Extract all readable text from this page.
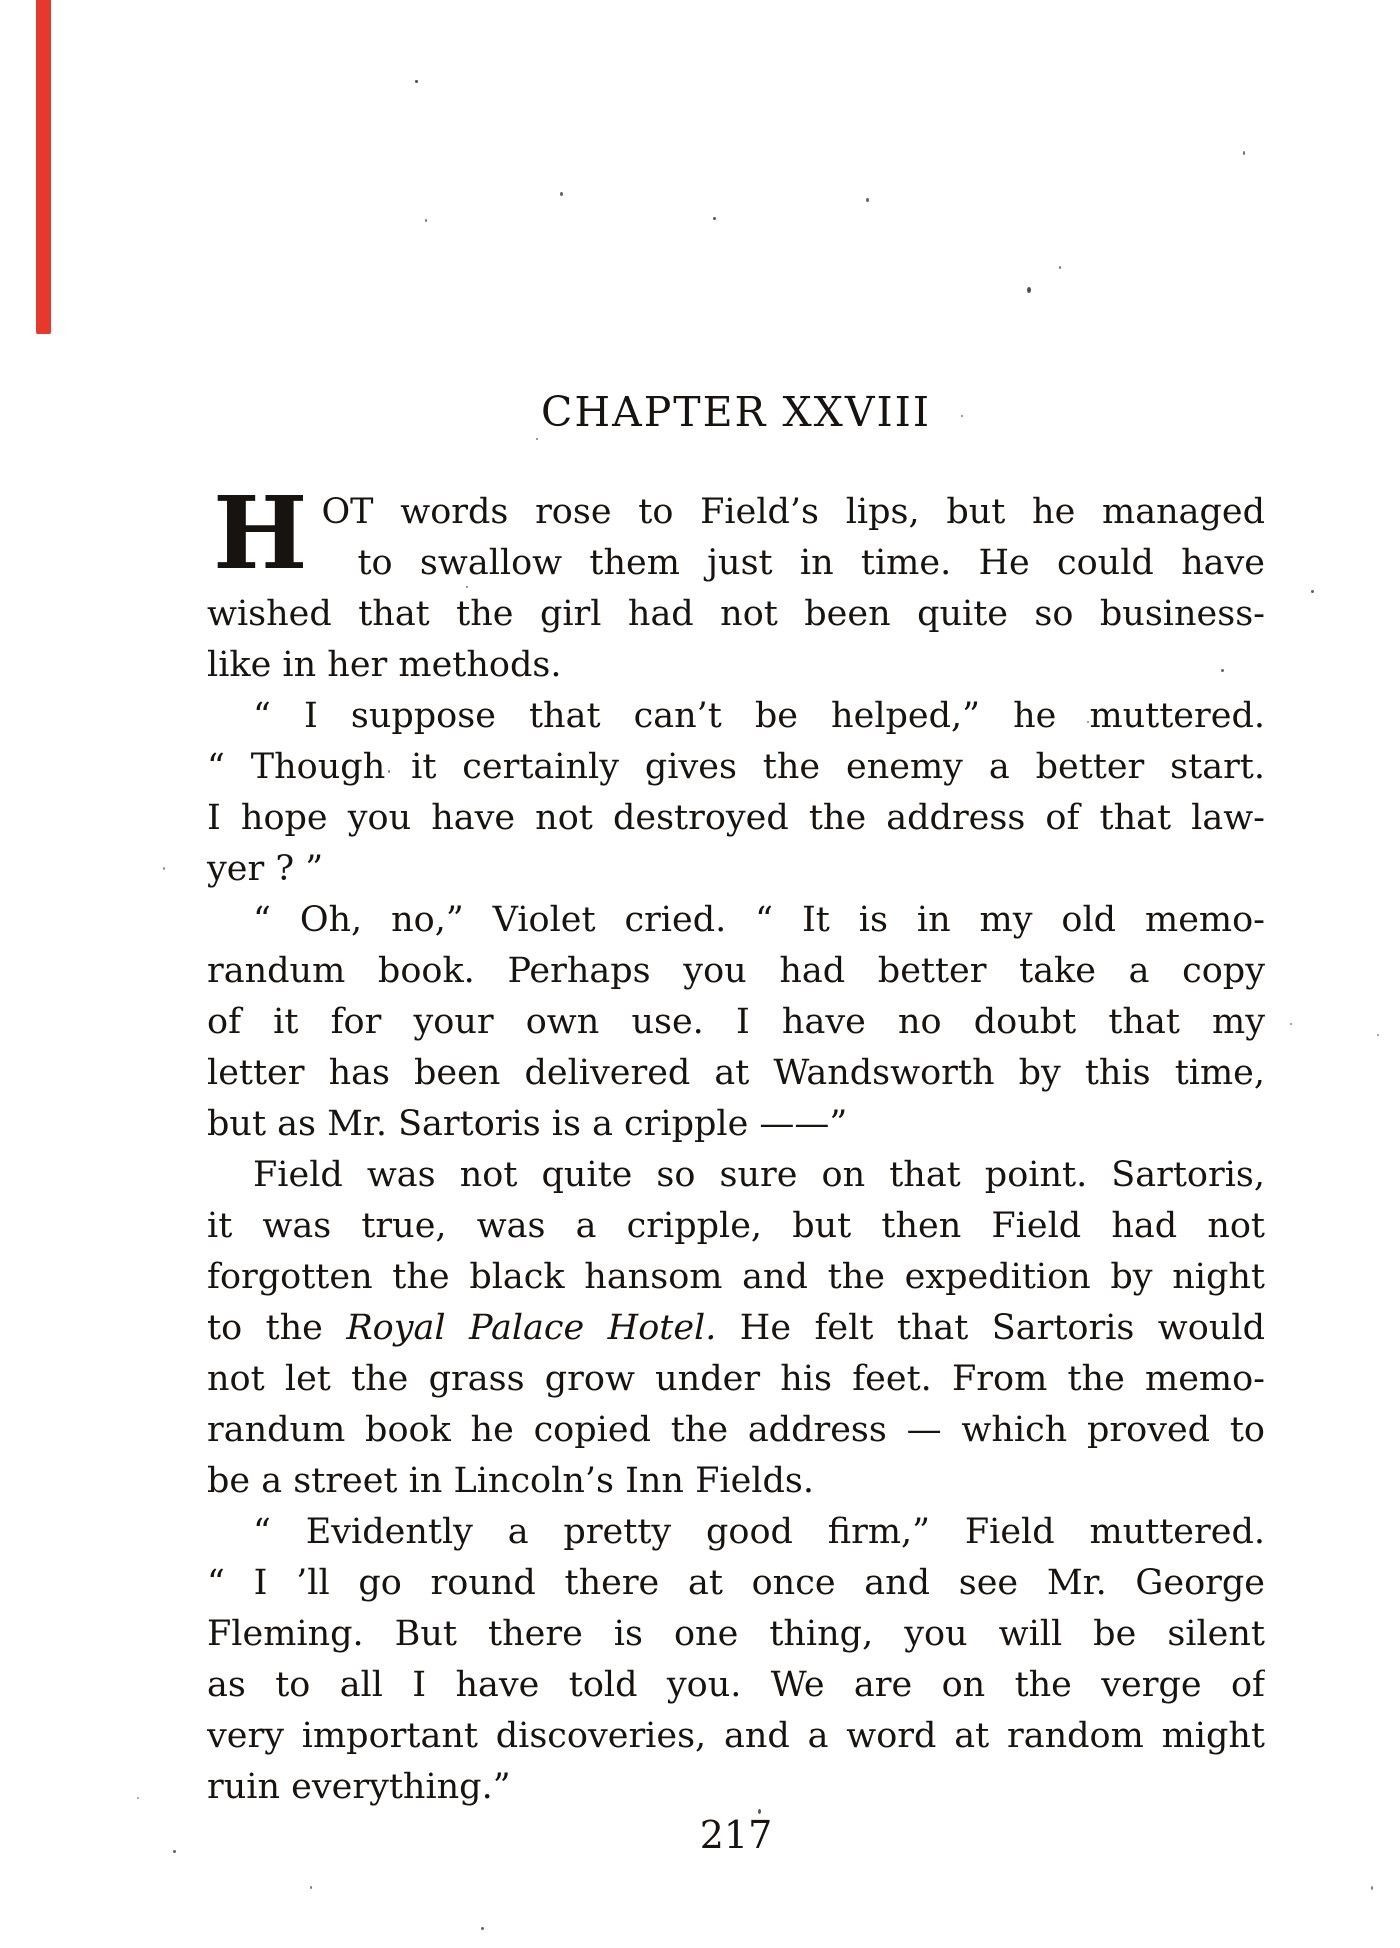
CHAPTER XXVIII
H OT words rose to Field’s lips, but he managed
to swallow them just in time. He could have
wished that the girl had not been quite so business-
like in her methods.
“ I suppose that can’t be helped,” he muttered.
“ Though it certainly gives the enemy a better start.
I hope you have not destroyed the address of that law-
yer ? ”
“ Oh, no,” Violet cried. “ It is in my old memo-
randum book. Perhaps you had better take a copy
of it for your own use. I have no doubt that my
letter has been delivered at Wandsworth by this time,
but as Mr. Sartoris is a cripple ——”
Field was not quite so sure on that point. Sartoris,
it was true, was a cripple, but then Field had not
forgotten the black hansom and the expedition by night
to the Royal Palace Hotel. He felt that Sartoris would
not let the grass grow under his feet. From the memo-
randum book he copied the address — which proved to
be a street in Lincoln’s Inn Fields.
“ Evidently a pretty good firm,” Field muttered.
“ I ’ll go round there at once and see Mr. George
Fleming. But there is one thing, you will be silent
as to all I have told you. We are on the verge of
very important discoveries, and a word at random might
ruin everything.”
217
